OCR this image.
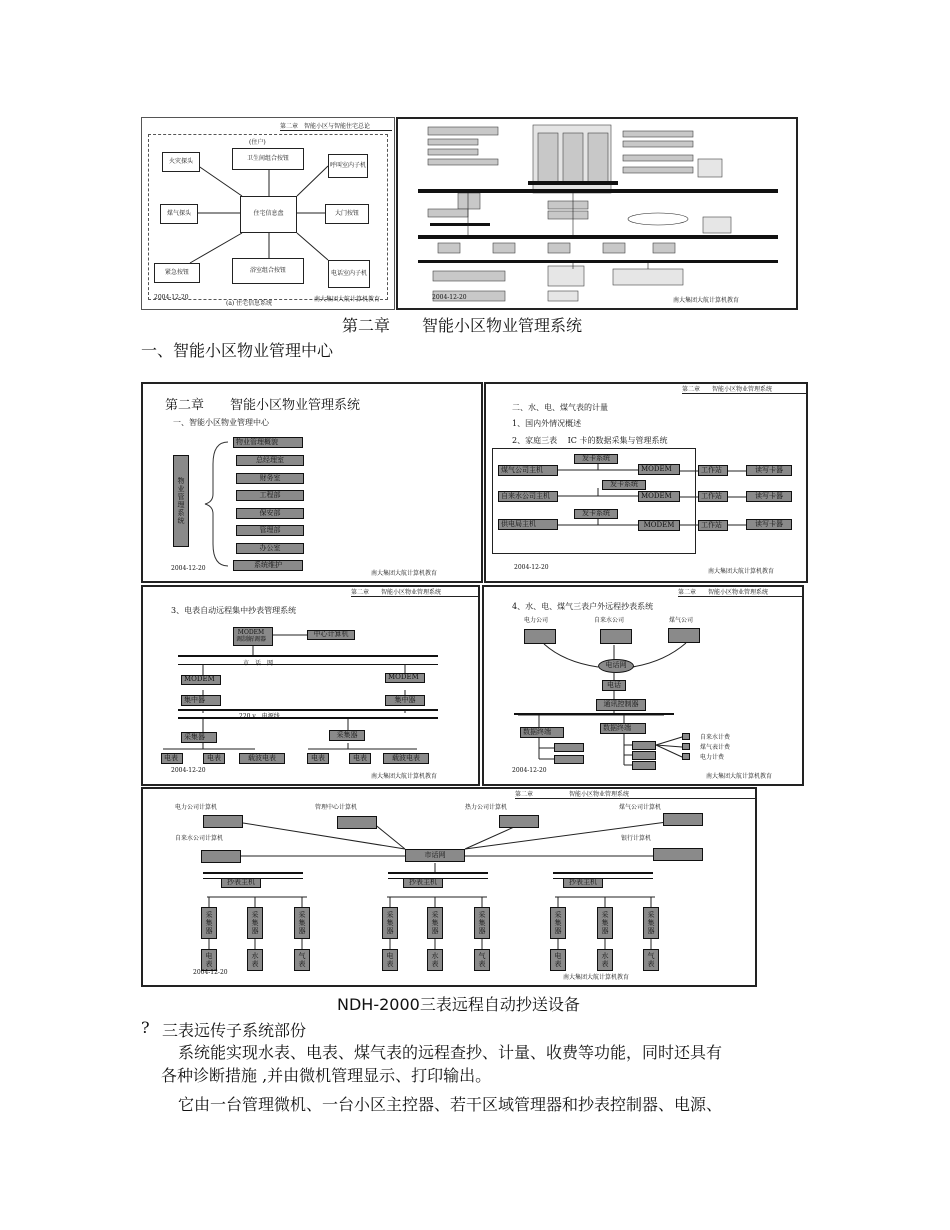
第二章　 智能小区与智能住宅总论
(住户)
火灾探头	卫生间组合按钮
呼叫室内子机
住宅信息盘
煤气探头	大门按钮
紧急按钮	浴室组合按钮	电话室内子机
2004-12-20
(a) 住宅信息系统
南大集团大航计算机教育	2004-12-20	南大集团大航计算机教育
第二章　　智能小区物业管理系统
一、智能小区物业管理中心
第二章　　智能小区物业管理系统
一、智能小区物业管理中心
物业管理系统
物业管理概貌
总经理室
财务室
工程部
保安部
管理部
办公室
系统维护
2004-12-20
南大集团大航计算机教育
第二章　　 智能小区物业管理系统
二、水、电、煤气表的计量
1、国内外情况概述
2、家庭三表　 IC 卡的数据采集与管理系统
发卡系统
煤气公司主机	MODEM
发卡系统
自来水公司主机	MODEM
发卡系统
供电局主机	MODEM
工作站	读写卡器
工作站	读写卡器
工作站	读写卡器
2004-12-20
南大集团大航计算机教育
第二章　　 智能小区物业管理系统
3、电表自动远程集中抄表管理系统
MODEM
调制解调器
中心计算机
市　话　网
MODEM	MODEM
集中器	集中器
220 v　电源线
采集器	采集器
电表	电表	载波电表	电表	电表	载波电表
2004-12-20
南大集团大航计算机教育
第二章　　 智能小区物业管理系统
4、水、电、煤气三表户外远程抄表系统
电力公司	自来水公司	煤气公司
电话网
电话
通讯控制器
数据终端	数据终端
自来水计费
煤气表计费
电力计费
2004-12-20
南大集团大航计算机教育
第二章　　　　　　	智能小区物业管理系统
电力公司计算机	管理中心计算机	热力公司计算机	煤气公司计算机
自来水公司计算机	银行计算机
市话网
抄表主机	抄表主机	抄表主机
采集器	采集器	采集器	采集器	采集器	采集器	采集器	采集器	采集器
电表	水表	气表	电表	水表	气表	电表	水表	气表
2004-12-20
南大集团大航计算机教育
NDH-2000三表远程自动抄送设备
? 三表远传子系统部份
系统能实现水表、电表、煤气表的远程查抄、计量、收费等功能，同时还具有
各种诊断措施 ,并由微机管理显示、打印输出。
它由一台管理微机、一台小区主控器、若干区域管理器和抄表控制器、电源、
